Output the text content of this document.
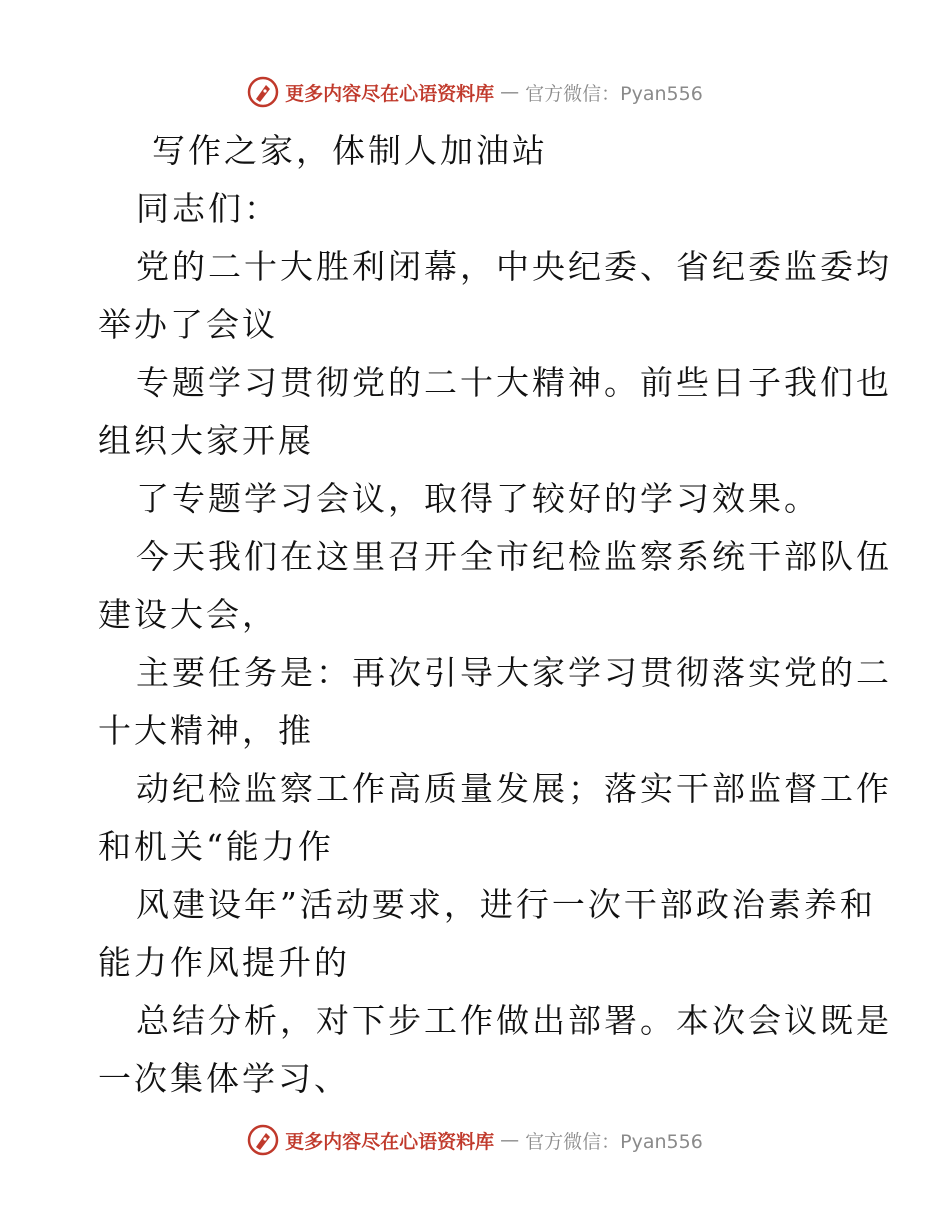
更多内容尽在心语资料库 — 官方微信：Pyan556
写作之家，体制人加油站
同志们：
党的二十大胜利闭幕，中央纪委、省纪委监委均
举办了会议
专题学习贯彻党的二十大精神。前些日子我们也
组织大家开展
了专题学习会议，取得了较好的学习效果。
今天我们在这里召开全市纪检监察系统干部队伍
建设大会，
主要任务是：再次引导大家学习贯彻落实党的二
十大精神，推
动纪检监察工作高质量发展；落实干部监督工作
和机关“能力作
风建设年”活动要求，进行一次干部政治素养和
能力作风提升的
总结分析，对下步工作做出部署。本次会议既是
一次集体学习、
更多内容尽在心语资料库 — 官方微信：Pyan556
